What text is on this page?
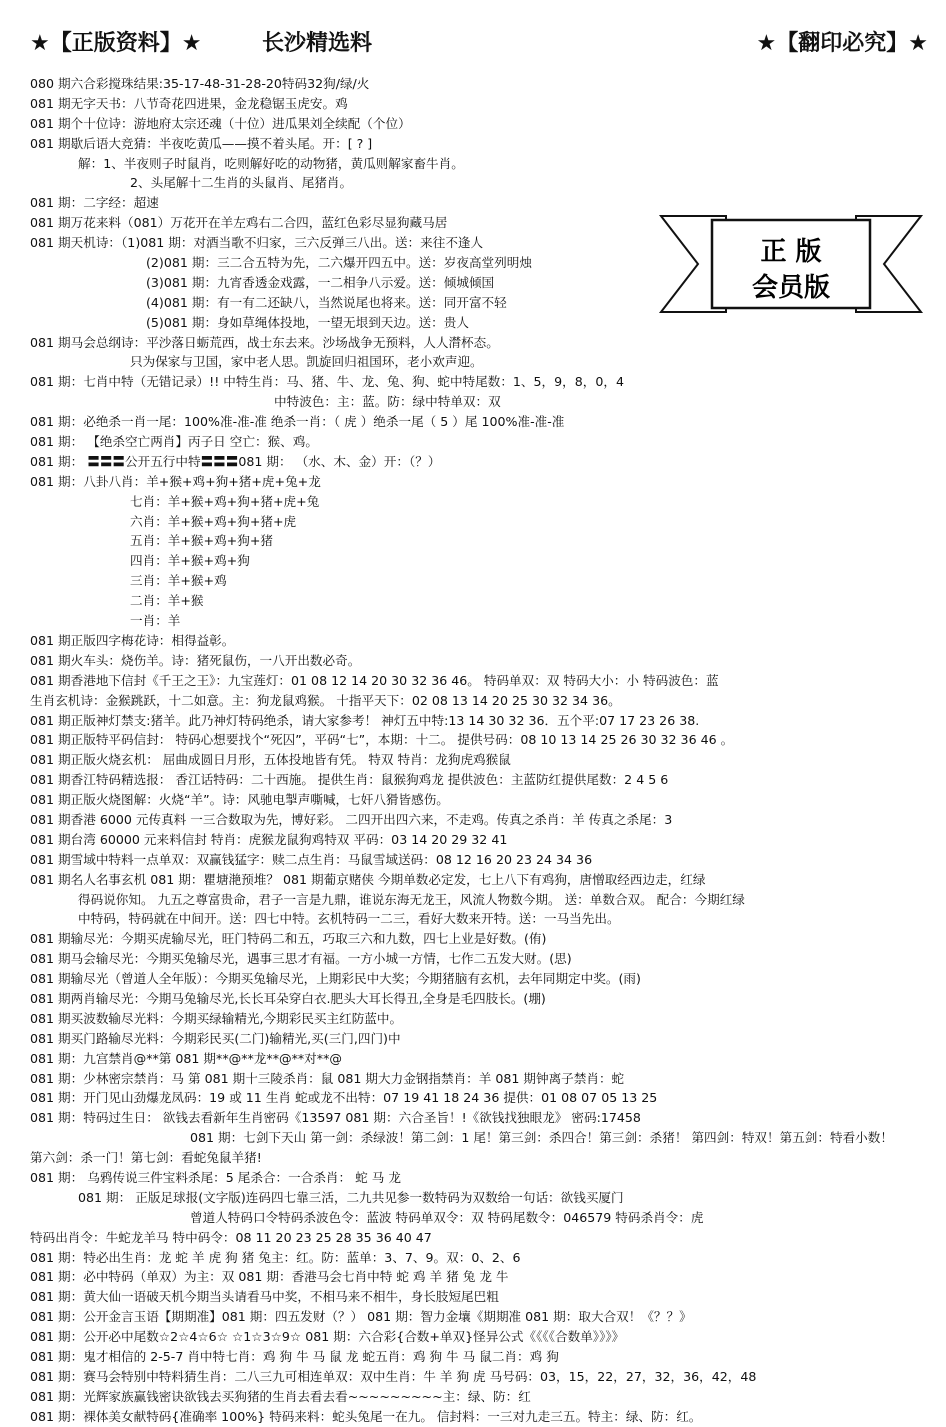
★【正版资料】★	长沙精选料	★【翻印必究】★
080 期六合彩搅珠结果:35-17-48-31-28-20特码32狗/绿/火
081 期无字天书：八节奇花四进果，金龙稳锯玉虎安。鸡
081 期个十位诗：游地府太宗还魂（十位）进瓜果刘全续配（个位）
081 期歇后语大竞猜：半夜吃黄瓜——摸不着头尾。开：[ ? ]
解：1、半夜则子时鼠肖，吃则解好吃的动物猪，黄瓜则解家畜牛肖。
2、头尾解十二生肖的头鼠肖、尾猪肖。
081 期：二字经：超速
081 期万花来料（081）万花开在羊左鸡右二合四，蓝红色彩尽显狗藏马居
081 期天机诗：（1)081 期：对酒当歌不归家，三六反弹三八出。送：来往不逢人
(2)081 期：三二合五特为先，二六爆开四五中。送：岁夜高堂列明烛
(3)081 期：九宵香透金戏露，一二相争八示爱。送：倾城倾国
(4)081 期：有一有二还缺八，当然说尾也将来。送：同开富不轻
(5)081 期：身如草绳体投地，一望无垠到天边。送：贵人
081 期马会总纲诗：平沙落日蛎荒西，战士东去来。沙场战争无预料，人人潸杯态。
只为保家与卫国，家中老人思。凯旋回归祖国环，老小欢声迎。
081 期：七肖中特（无错记录）!! 中特生肖：马、猪、牛、龙、兔、狗、蛇中特尾数：1、5，9，8，0，4
中特波色：主：蓝。防：绿中特单双：双
081 期：必绝杀一肖一尾：100%准-准-准 绝杀一肖：（ 虎 ）绝杀一尾（ 5 ）尾 100%准-准-准
081 期： 【绝杀空亡两肖】丙子日 空亡：猴、鸡。
081 期： 〓〓〓公开五行中特〓〓〓081 期： （水、木、金）开：（？）
081 期：八卦八肖：羊+猴+鸡+狗+猪+虎+兔+龙
七肖：羊+猴+鸡+狗+猪+虎+兔
六肖：羊+猴+鸡+狗+猪+虎
五肖：羊+猴+鸡+狗+猪
四肖：羊+猴+鸡+狗
三肖：羊+猴+鸡
二肖：羊+猴
一肖：羊
081 期正版四字梅花诗：相得益彰。
081 期火车头：烧伤羊。诗：猪死鼠伤，一八开出数必奇。
081 期香港地下信封《千王之王》：九宝莲灯：01 08 12 14 20 30 32 36 46。 特码单双：双 特码大小：小 特码波色：蓝
生肖玄机诗：金猴跳跃，十二如意。主：狗龙鼠鸡猴。 十指平天下：02 08 13 14 20 25 30 32 34 36。
081 期正版神灯禁支:猪羊。此乃神灯特码绝杀，请大家参考！ 神灯五中特:13 14 30 32 36．五个平:07 17 23 26 38.
081 期正版特平码信封： 特码心想要找个“死囚”，平码“七”，本期：十二。 提供号码：08 10 13 14 25 26 30 32 36 46 。
081 期正版火烧玄机： 屈曲成圆日月形，五体投地皆有凭。 特双 特肖：龙狗虎鸡猴鼠
081 期香江特码精选报： 香江话特码：二十西施。 提供生肖：鼠猴狗鸡龙 提供波色：主蓝防红提供尾数：2 4 5 6
081 期正版火烧图解：火烧“羊”。诗：风驰电掣声嘶喊，七奸八猾皆感伤。
081 期香港 6000 元传真料 一三合数取为先，博好彩。 二四开出四六来，不走鸡。传真之杀肖：羊 传真之杀尾：3
081 期台湾 60000 元来料信封 特肖：虎猴龙鼠狗鸡特双 平码：03 14 20 29 32 41
081 期雪域中特料一点单双：双赢钱猛字：赎二点生肖：马鼠雪域送码：08 12 16 20 23 24 34 36
081 期名人名事玄机 081 期：瞿塘滟预堆？ 081 期葡京赌侠 今期单数必定发，七上八下有鸡狗，唐憎取经西边走，红绿
得码说你知。 九五之尊富贵命，君子一言是九鼎，谁说东海无龙王，风流人物数今期。 送：单数合双。 配合：今期红绿
中特码，特码就在中间开。送：四七中特。玄机特码一二三，看好大数来开特。送：一马当先出。
081 期输尽光：今期买虎输尽光，旺门特码二和五，巧取三六和九数，四七上业是好数。(侑)
081 期马会输尽光：今期买兔输尽光，遇事三思才有福。一方小城一方情，七作二五发大财。(思)
081 期输尽光（曾道人全年版）：今期买兔输尽光，上期彩民中大奖；今期猪脑有玄机，去年同期定中奖。(雨)
081 期两肖输尽光：今期马兔输尽光,长长耳朵穿白衣.肥头大耳长得丑,全身是毛四肢长。(堋)
081 期买波数输尽光料：今期买绿输精光,今期彩民买主红防蓝中。
081 期买门路输尽光料：今期彩民买(二门)输精光,买(三门,四门)中
081 期：九宫禁肖@**第 081 期**@**龙**@**对**@
081 期：少林密宗禁肖：马 第 081 期十三陵杀肖：鼠 081 期大力金钢指禁肖：羊 081 期钟离子禁肖：蛇
081 期：开门见山劲爆龙凤码：19 或 11 生肖 蛇或龙不出特：07 19 41 18 24 36 提供：01 08 07 05 13 25
081 期：特码过生日： 欲钱去看新年生肖密码《13597 081 期：六合圣旨！!《欲钱找独眼龙》 密码:17458
081 期：七剑下天山 第一剑：杀绿波！第二剑：1 尾！第三剑：杀四合！第三剑：杀猪！ 第四剑：特双！第五剑：特看小数！
第六剑：杀一门！第七剑：看蛇兔鼠羊猪!
081 期： 乌鸦传说三件宝料杀尾：5 尾杀合：一合杀肖： 蛇 马 龙
081 期： 正版足球报(文字版)连码四七靠三活，二九共见参一数特码为双数给一句话：欲钱买厦门
曾道人特码口令特码杀波色令：蓝波 特码单双令：双 特码尾数令：046579 特码杀肖令：虎
特码出肖令：牛蛇龙羊马 特中码令：08 11 20 23 25 28 35 36 40 47
081 期：特必出生肖：龙 蛇 羊 虎 狗 猪 兔主：红。防：蓝单：3、7、9。双：0、2、6
081 期：必中特码（单双）为主：双 081 期：香港马会七肖中特 蛇 鸡 羊 猪 兔 龙 牛
081 期：黄大仙一语破天机今期当头请看马中奖，不相马来不相牛，身长肢短尾巴粗
081 期：公开金言玉语【期期准】081 期：四五发财（？） 081 期：智力金壤《期期准 081 期：取大合双！《？？》
081 期：公开必中尾数☆2☆4☆6☆ ☆1☆3☆9☆ 081 期：六合彩{合数+单双}怪异公式《《《《合数单》》》》
081 期：鬼才相信的 2-5-7 肖中特七肖：鸡 狗 牛 马 鼠 龙 蛇五肖：鸡 狗 牛 马 鼠二肖：鸡 狗
081 期：赛马会特别中特料猜生肖：二八三九可相连单双：双中生肖：牛 羊 狗 虎 马号码：03，15，22，27，32，36，42，48
081 期：光辉家族赢钱密诀欲钱去买狗猪的生肖去看去看~~~~~~~~~主：绿、防：红
081 期：裸体美女献特码{准确率 100%} 特码来料：蛇头兔尾一在九。 信封料：一三对九走三五。特主：绿、防：红。
正 版
会员版
